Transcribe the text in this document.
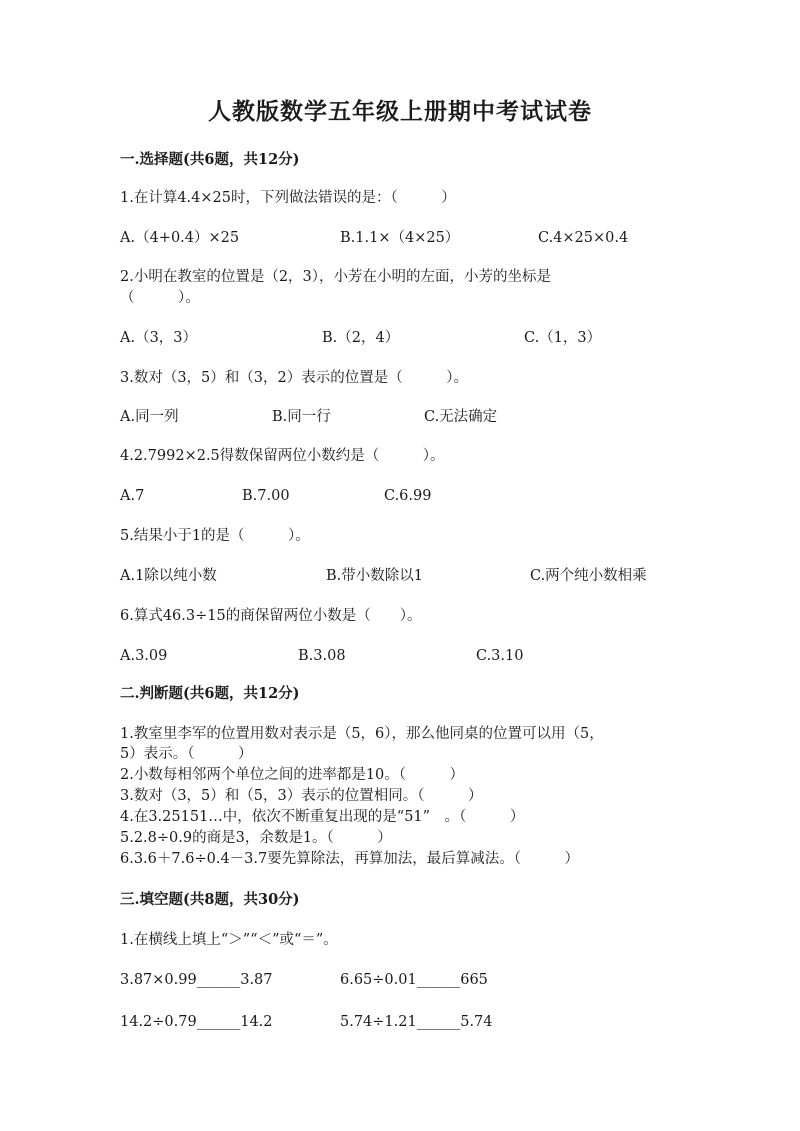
人教版数学五年级上册期中考试试卷
一.选择题(共6题，共12分)
1.在计算4.4×25时，下列做法错误的是：（　　　）
A.（4+0.4）×25	B.1.1×（4×25）	C.4×25×0.4
2.小明在教室的位置是（2，3），小芳在小明的左面，小芳的坐标是
（　　　）。
A.（3，3）	B.（2，4）	C.（1，3）
3.数对（3，5）和（3，2）表示的位置是（　　　）。
A.同一列	B.同一行	C.无法确定
4.2.7992×2.5得数保留两位小数约是（　　　）。
A.7	B.7.00	C.6.99
5.结果小于1的是（　　　）。
A.1除以纯小数	B.带小数除以1	C.两个纯小数相乘
6.算式46.3÷15的商保留两位小数是（　　）。
A.3.09	B.3.08	C.3.10
二.判断题(共6题，共12分)
1.教室里李军的位置用数对表示是（5，6），那么他同桌的位置可以用（5，
5）表示。（　　　）
2.小数每相邻两个单位之间的进率都是10。（　　　）
3.数对（3，5）和（5，3）表示的位置相同。（　　　）
4.在3.25151…中，依次不断重复出现的是“51”　。（　　　）
5.2.8÷0.9的商是3，余数是1。（　　　）
6.3.6＋7.6÷0.4－3.7要先算除法，再算加法，最后算减法。（　　　）
三.填空题(共8题，共30分)
1.在横线上填上“＞”“＜”或“＝”。
3.87×0.99______3.87	6.65÷0.01______665
14.2÷0.79______14.2	5.74÷1.21______5.74
